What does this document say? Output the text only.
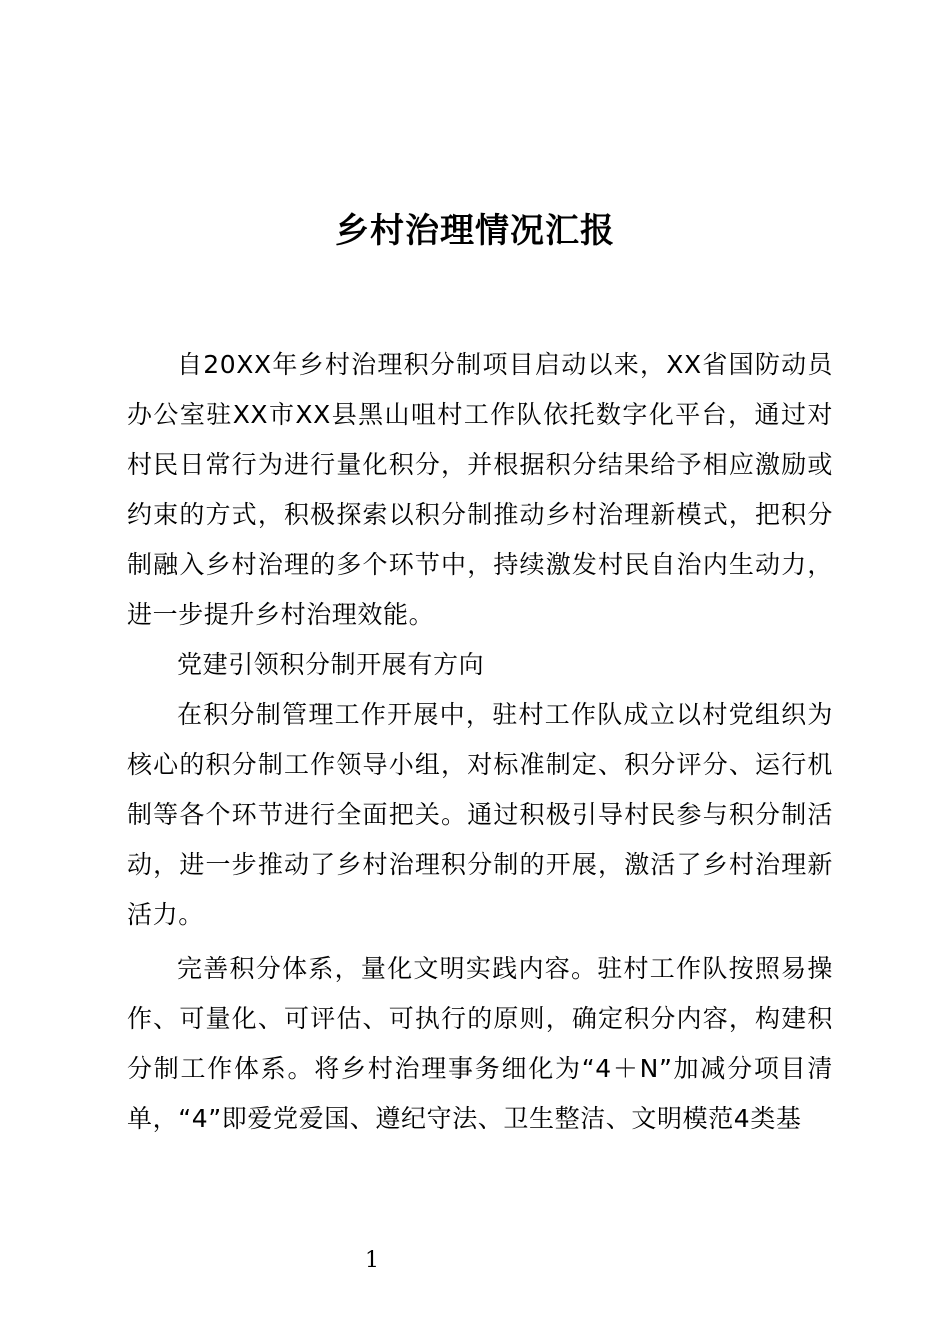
乡村治理情况汇报

自20XX年乡村治理积分制项目启动以来，XX省国防动员办公室驻XX市XX县黑山咀村工作队依托数字化平台，通过对村民日常行为进行量化积分，并根据积分结果给予相应激励或约束的方式，积极探索以积分制推动乡村治理新模式，把积分制融入乡村治理的多个环节中，持续激发村民自治内生动力，进一步提升乡村治理效能。

党建引领积分制开展有方向

在积分制管理工作开展中，驻村工作队成立以村党组织为核心的积分制工作领导小组，对标准制定、积分评分、运行机制等各个环节进行全面把关。通过积极引导村民参与积分制活动，进一步推动了乡村治理积分制的开展，激活了乡村治理新活力。

完善积分体系，量化文明实践内容。驻村工作队按照易操作、可量化、可评估、可执行的原则，确定积分内容，构建积分制工作体系。将乡村治理事务细化为“4＋N”加减分项目清单，“4”即爱党爱国、遵纪守法、卫生整洁、文明模范4类基

1
